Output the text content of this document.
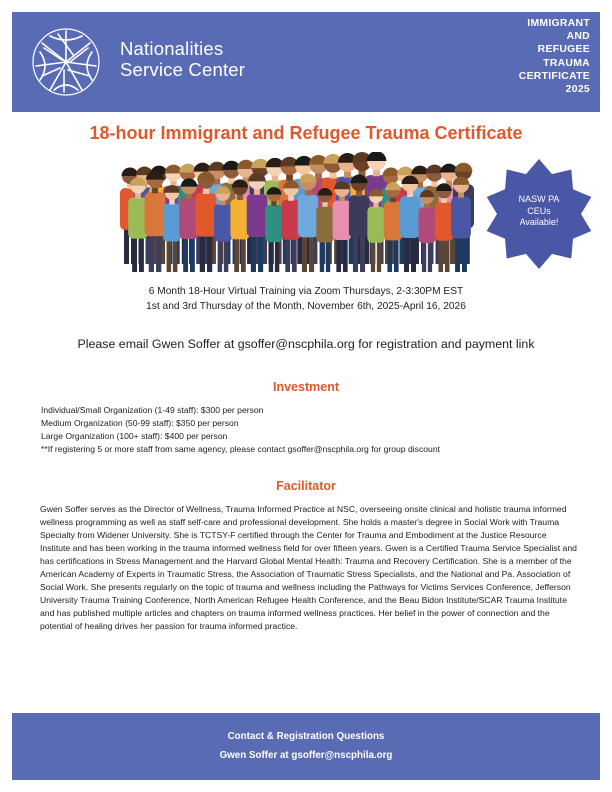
Nationalities
Service Center
IMMIGRANT
AND
REFUGEE
TRAUMA
CERTIFICATE
2025
18-hour Immigrant and Refugee Trauma Certificate
NASW PA
CEUs
Available!
6 Month 18-Hour Virtual Training via Zoom Thursdays, 2-3:30PM EST
1st and 3rd Thursday of the Month, November 6th, 2025-April 16, 2026
Please email Gwen Soffer at gsoffer@nscphila.org for registration and payment link
Investment
Individual/Small Organization (1-49 staff): $300 per person
Medium Organization (50-99 staff): $350 per person
Large Organization (100+ staff): $400 per person
**If registering 5 or more staff from same agency, please contact gsoffer@nscphila.org for group discount
Facilitator
Gwen Soffer serves as the Director of Wellness, Trauma Informed Practice at NSC, overseeing onsite clinical and holistic trauma informed wellness programming as well as staff self-care and professional development. She holds a master's degree in Social Work with Trauma Specialty from Widener University. She is TCTSY-F certified through the Center for Trauma and Embodiment at the Justice Resource Institute and has been working in the trauma informed wellness field for over fifteen years. Gwen is a Certified Trauma Service Specialist and has certifications in Stress Management and the Harvard Global Mental Health: Trauma and Recovery Certification. She is a member of the American Academy of Experts in Traumatic Stress, the Association of Traumatic Stress Specialists, and the National and Pa. Association of Social Work. She presents regularly on the topic of trauma and wellness including the Pathways for Victims Services Conference, Jefferson University Trauma Training Conference, North American Refugee Health Conference, and the Beau Bidon Institute/SCAR Trauma Institute and has published multiple articles and chapters on trauma informed wellness practices. Her belief in the power of connection and the potential of healing drives her passion for trauma informed practice.
Contact & Registration Questions
Gwen Soffer at gsoffer@nscphila.org
